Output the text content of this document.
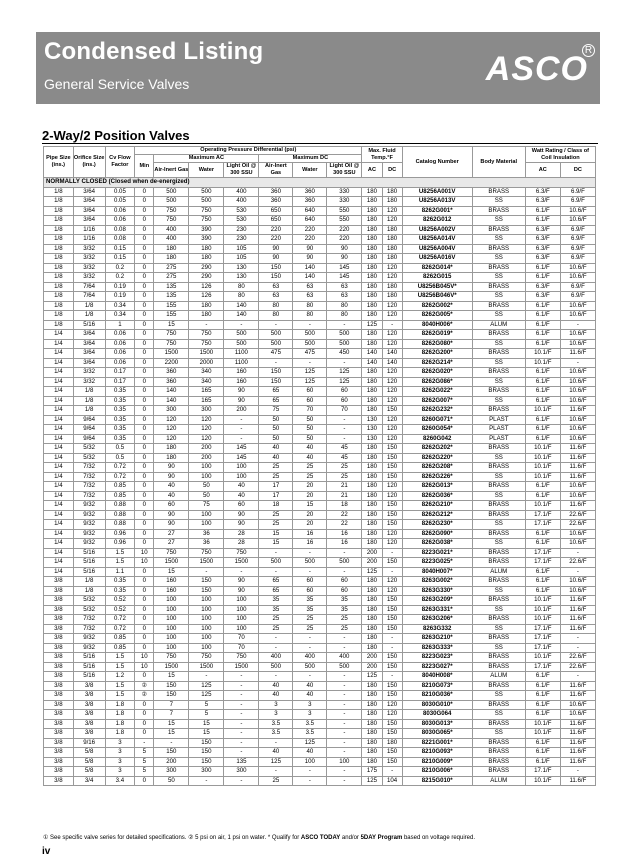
Condensed Listing
General Service Valves	ASCO
R
2-Way/2 Position Valves
Pipe Size (ins.)	Orifice Size (ins.)	Cv Flow Factor	Operating Pressure Differential (psi)							Max. Fluid Temp.°F		Catalog Number	Body Material	Watt Rating / Class of Coil Insulation	
			Min	Maximum AC			Maximum DC								
				Air-Inert Gas	Water	Light Oil @ 300 SSU	Air-Inert Gas	Water	Light Oil @ 300 SSU	AC	DC			AC	DC
NORMALLY CLOSED (Closed when de-energized)															
1/8	3/64	0.05	0	500	500	400	360	360	330	180	180	U8256A001V	BRASS	6.3/F	6.9/F
1/8	3/64	0.05	0	500	500	400	360	360	330	180	180	U8256A013V	SS	6.3/F	6.9/F
1/8	3/64	0.06	0	750	750	530	650	640	550	180	120	8262G001*	BRASS	6.1/F	10.6/F
1/8	3/64	0.06	0	750	750	530	650	640	550	180	120	8262G012	SS	6.1/F	10.6/F
1/8	1/16	0.08	0	400	390	230	220	220	220	180	180	U8256A002V	BRASS	6.3/F	6.9/F
1/8	1/16	0.08	0	400	390	230	220	220	220	180	180	U8256A014V	SS	6.3/F	6.9/F
1/8	3/32	0.15	0	180	180	105	90	90	90	180	180	U8256A004V	BRASS	6.3/F	6.9/F
1/8	3/32	0.15	0	180	180	105	90	90	90	180	180	U8256A016V	SS	6.3/F	6.9/F
1/8	3/32	0.2	0	275	290	130	150	140	145	180	120	8262G014*	BRASS	6.1/F	10.6/F
1/8	3/32	0.2	0	275	290	130	150	140	145	180	120	8262G015	SS	6.1/F	10.6/F
1/8	7/64	0.19	0	135	126	80	63	63	63	180	180	U8256B045V*	BRASS	6.3/F	6.9/F
1/8	7/64	0.19	0	135	126	80	63	63	63	180	180	U8256B046V*	SS	6.3/F	6.9/F
1/8	1/8	0.34	0	155	180	140	80	80	80	180	120	8262G002*	BRASS	6.1/F	10.6/F
1/8	1/8	0.34	0	155	180	140	80	80	80	180	120	8262G005*	SS	6.1/F	10.6/F
1/8	5/16	1	0	15	-	-	-	-	-	125	-	8040H006*	ALUM	6.1/F	-
1/4	3/64	0.06	0	750	750	500	500	500	500	180	120	8262G019*	BRASS	6.1/F	10.6/F
1/4	3/64	0.06	0	750	750	500	500	500	500	180	120	8262G080*	SS	6.1/F	10.6/F
1/4	3/64	0.06	0	1500	1500	1100	475	475	450	140	140	8262G200*	BRASS	10.1/F	11.6/F
1/4	3/64	0.06	0	2200	2000	1100	-	-	-	140	140	8262G214*	SS	10.1/F	-
1/4	3/32	0.17	0	360	340	160	150	125	125	180	120	8262G020*	BRASS	6.1/F	10.6/F
1/4	3/32	0.17	0	360	340	160	150	125	125	180	120	8262G086*	SS	6.1/F	10.6/F
1/4	1/8	0.35	0	140	165	90	65	60	60	180	120	8262G022*	BRASS	6.1/F	10.6/F
1/4	1/8	0.35	0	140	165	90	65	60	60	180	120	8262G007*	SS	6.1/F	10.6/F
1/4	1/8	0.35	0	300	300	200	75	70	70	180	150	8262G232*	BRASS	10.1/F	11.6/F
1/4	9/64	0.35	0	120	120	-	50	50	-	130	120	8260G071*	PLAST	6.1/F	10.6/F
1/4	9/64	0.35	0	120	120	-	50	50	-	130	120	8260G054*	PLAST	6.1/F	10.6/F
1/4	9/64	0.35	0	120	120	-	50	50	-	130	120	8260G042	PLAST	6.1/F	10.6/F
1/4	5/32	0.5	0	180	200	145	40	40	45	180	150	8262G202*	BRASS	10.1/F	11.6/F
1/4	5/32	0.5	0	180	200	145	40	40	45	180	150	8262G220*	SS	10.1/F	11.6/F
1/4	7/32	0.72	0	90	100	100	25	25	25	180	150	8262G208*	BRASS	10.1/F	11.6/F
1/4	7/32	0.72	0	90	100	100	25	25	25	180	150	8262G226*	SS	10.1/F	11.6/F
1/4	7/32	0.85	0	40	50	40	17	20	21	180	120	8262G013*	BRASS	6.1/F	10.6/F
1/4	7/32	0.85	0	40	50	40	17	20	21	180	120	8262G036*	SS	6.1/F	10.6/F
1/4	9/32	0.88	0	60	75	60	18	15	18	180	150	8262G210*	BRASS	10.1/F	11.6/F
1/4	9/32	0.88	0	90	100	90	25	20	22	180	150	8262G212*	BRASS	17.1/F	22.6/F
1/4	9/32	0.88	0	90	100	90	25	20	22	180	150	8262G230*	SS	17.1/F	22.6/F
1/4	9/32	0.96	0	27	36	28	15	16	16	180	120	8262G090*	BRASS	6.1/F	10.6/F
1/4	9/32	0.96	0	27	36	28	15	16	16	180	120	8262G038*	SS	6.1/F	10.6/F
1/4	5/16	1.5	10	750	750	750	-	-	-	200	-	8223G021*	BRASS	17.1/F	-
1/4	5/16	1.5	10	1500	1500	1500	500	500	500	200	150	8223G025*	BRASS	17.1/F	22.6/F
1/4	5/16	1.1	0	15	-	-	-	-	-	125	-	8040H007*	ALUM	6.1/F	-
3/8	1/8	0.35	0	160	150	90	65	60	60	180	120	8263G002*	BRASS	6.1/F	10.6/F
3/8	1/8	0.35	0	160	150	90	65	60	60	180	120	8263G330*	SS	6.1/F	10.6/F
3/8	5/32	0.52	0	100	100	100	35	35	35	180	150	8263G209*	BRASS	10.1/F	11.6/F
3/8	5/32	0.52	0	100	100	100	35	35	35	180	150	8263G331*	SS	10.1/F	11.6/F
3/8	7/32	0.72	0	100	100	100	25	25	25	180	150	8263G206*	BRASS	10.1/F	11.6/F
3/8	7/32	0.72	0	100	100	100	25	25	25	180	150	8263G332	SS	17.1/F	11.6/F
3/8	9/32	0.85	0	100	100	70	-	-	-	180	-	8263G210*	BRASS	17.1/F	-
3/8	9/32	0.85	0	100	100	70	-	-	-	180	-	8263G333*	SS	17.1/F	-
3/8	5/16	1.5	10	750	750	750	400	400	400	200	150	8223G023*	BRASS	10.1/F	22.6/F
3/8	5/16	1.5	10	1500	1500	1500	500	500	500	200	150	8223G027*	BRASS	17.1/F	22.6/F
3/8	5/16	1.2	0	15	-	-	-	-	-	125	-	8040H008*	ALUM	6.1/F	-
3/8	3/8	1.5	②	150	125	-	40	40	-	180	150	8210G073*	BRASS	6.1/F	11.6/F
3/8	3/8	1.5	②	150	125	-	40	40	-	180	150	8210G036*	SS	6.1/F	11.6/F
3/8	3/8	1.8	0	7	5	-	3	3	-	180	120	8030G010*	BRASS	6.1/F	10.6/F
3/8	3/8	1.8	0	7	5	-	3	3	-	180	120	8030G064	SS	6.1/F	10.6/F
3/8	3/8	1.8	0	15	15	-	3.5	3.5	-	180	150	8030G013*	BRASS	10.1/F	11.6/F
3/8	3/8	1.8	0	15	15	-	3.5	3.5	-	180	150	8030G065*	SS	10.1/F	11.6/F
3/8	9/16	3	-	-	150	-	-	125	-	180	180	8221G001*	BRASS	6.1/F	11.6/F
3/8	5/8	3	5	150	150	-	40	40	-	180	150	8210G093*	BRASS	6.1/F	11.6/F
3/8	5/8	3	5	200	150	135	125	100	100	180	150	8210G009*	BRASS	6.1/F	11.6/F
3/8	5/8	3	5	300	300	300	-	-	-	175	-	8210G006*	BRASS	17.1/F	-
3/8	3/4	3.4	0	50	-	-	25	-	-	125	104	8215G010*	ALUM	10.1/F	11.6/F
① See specific valve series for detailed specifications. ② 5 psi on air, 1 psi on water. * Qualify for ASCO TODAY and/or 5DAY Program based on voltage required.
iv
